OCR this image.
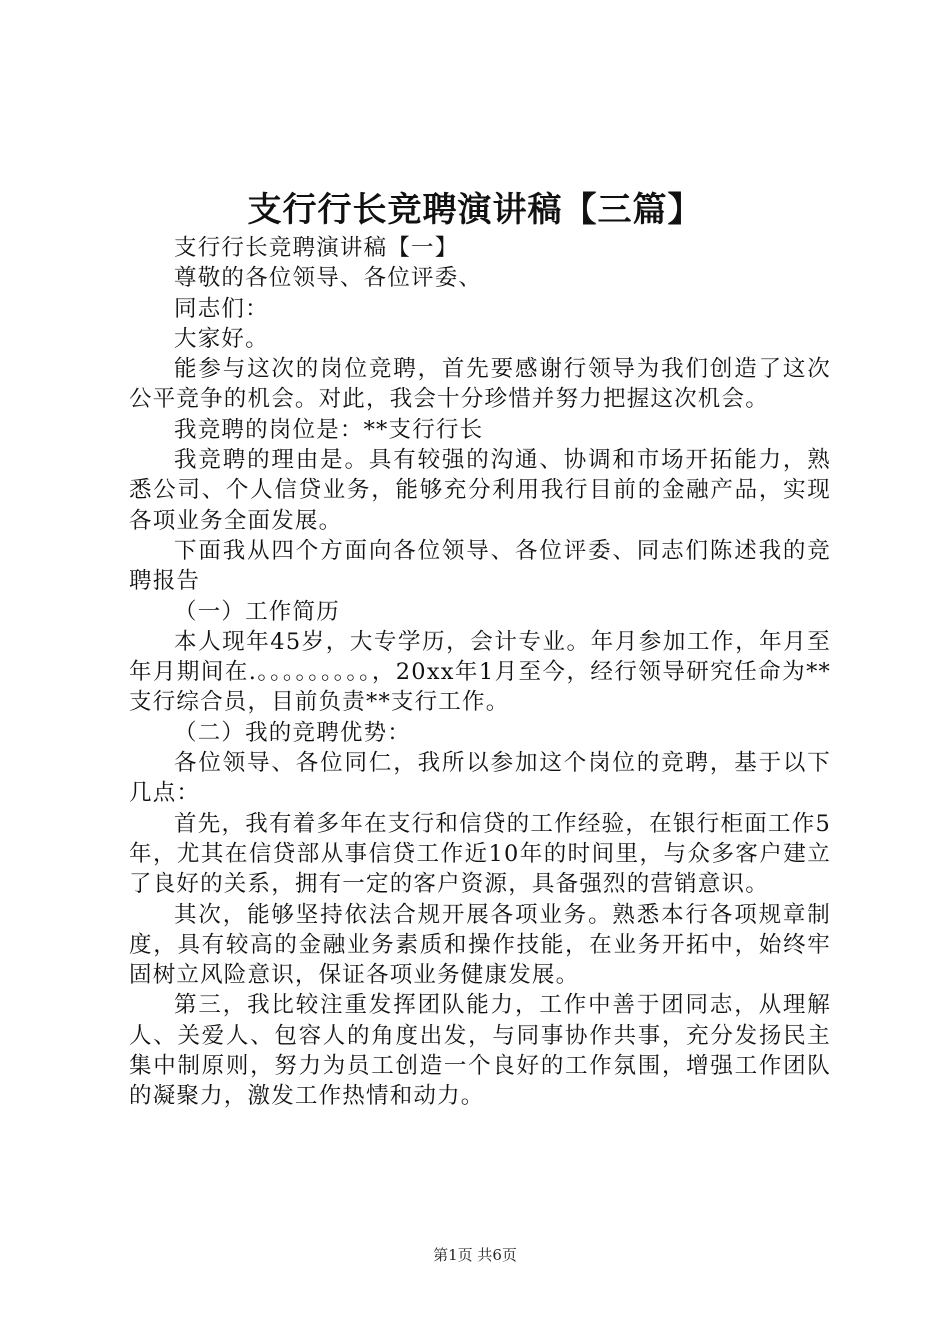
支行行长竞聘演讲稿【三篇】

支行行长竞聘演讲稿【一】

尊敬的各位领导、各位评委、

同志们：

大家好。

能参与这次的岗位竞聘，首先要感谢行领导为我们创造了这次公平竞争的机会。对此，我会十分珍惜并努力把握这次机会。

我竞聘的岗位是：**支行行长

我竞聘的理由是。具有较强的沟通、协调和市场开拓能力，熟悉公司、个人信贷业务，能够充分利用我行目前的金融产品，实现各项业务全面发展。

下面我从四个方面向各位领导、各位评委、同志们陈述我的竞聘报告

（一）工作简历

本人现年45岁，大专学历，会计专业。年月参加工作，年月至年月期间在.。。。。。。。。。，20xx年1月至今，经行领导研究任命为**支行综合员，目前负责**支行工作。

（二）我的竞聘优势：

各位领导、各位同仁，我所以参加这个岗位的竞聘，基于以下几点：

首先，我有着多年在支行和信贷的工作经验，在银行柜面工作5年，尤其在信贷部从事信贷工作近10年的时间里，与众多客户建立了良好的关系，拥有一定的客户资源，具备强烈的营销意识。

其次，能够坚持依法合规开展各项业务。熟悉本行各项规章制度，具有较高的金融业务素质和操作技能，在业务开拓中，始终牢固树立风险意识，保证各项业务健康发展。

第三，我比较注重发挥团队能力，工作中善于团同志，从理解人、关爱人、包容人的角度出发，与同事协作共事，充分发扬民主集中制原则，努力为员工创造一个良好的工作氛围，增强工作团队的凝聚力，激发工作热情和动力。

第1页 共6页
